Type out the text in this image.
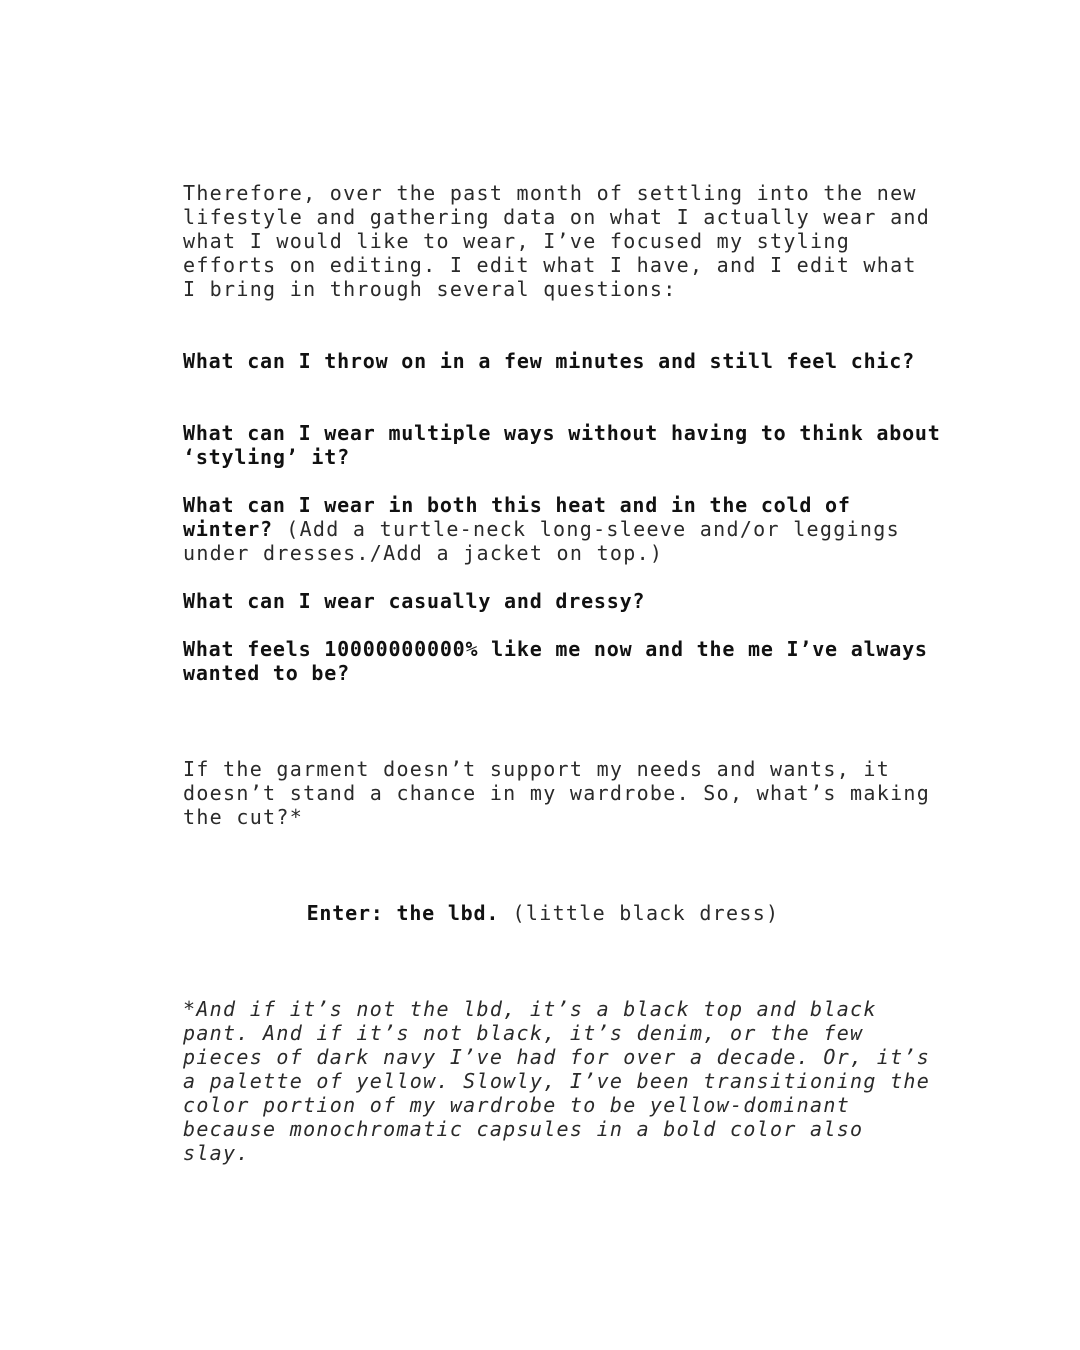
Therefore, over the past month of settling into the new lifestyle and gathering data on what I actually wear and what I would like to wear, I’ve focused my styling efforts on editing. I edit what I have, and I edit what I bring in through several questions:

What can I throw on in a few minutes and still feel chic?

What can I wear multiple ways without having to think about ‘styling’ it?

What can I wear in both this heat and in the cold of winter? (Add a turtle-neck long-sleeve and/or leggings under dresses./Add a jacket on top.)

What can I wear casually and dressy?

What feels 10000000000% like me now and the me I’ve always wanted to be?

If the garment doesn’t support my needs and wants, it doesn’t stand a chance in my wardrobe. So, what’s making the cut?*

Enter: the lbd. (little black dress)

*And if it’s not the lbd, it’s a black top and black pant. And if it’s not black, it’s denim, or the few pieces of dark navy I’ve had for over a decade. Or, it’s a palette of yellow. Slowly, I’ve been transitioning the color portion of my wardrobe to be yellow-dominant because monochromatic capsules in a bold color also slay.
